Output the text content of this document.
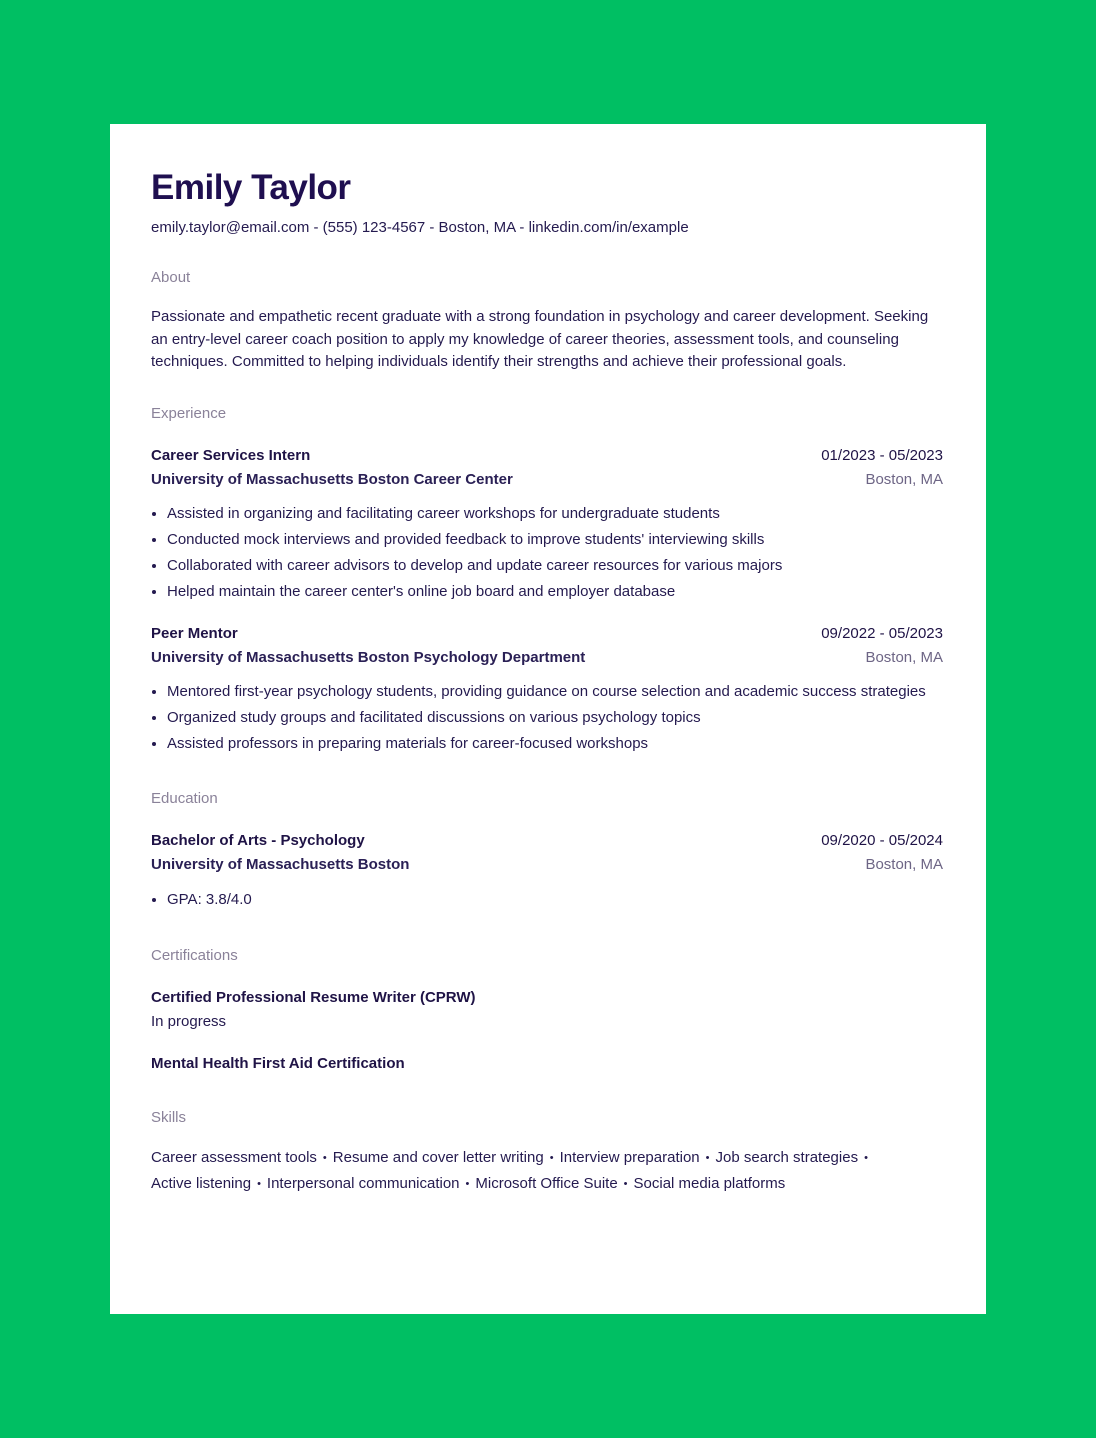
Emily Taylor
emily.taylor@email.com - (555) 123-4567 - Boston, MA - linkedin.com/in/example
About
Passionate and empathetic recent graduate with a strong foundation in psychology and career development. Seeking an entry-level career coach position to apply my knowledge of career theories, assessment tools, and counseling techniques. Committed to helping individuals identify their strengths and achieve their professional goals.
Experience
Career Services Intern	01/2023 - 05/2023
University of Massachusetts Boston Career Center	Boston, MA
• Assisted in organizing and facilitating career workshops for undergraduate students
• Conducted mock interviews and provided feedback to improve students' interviewing skills
• Collaborated with career advisors to develop and update career resources for various majors
• Helped maintain the career center's online job board and employer database
Peer Mentor	09/2022 - 05/2023
University of Massachusetts Boston Psychology Department	Boston, MA
• Mentored first-year psychology students, providing guidance on course selection and academic success strategies
• Organized study groups and facilitated discussions on various psychology topics
• Assisted professors in preparing materials for career-focused workshops
Education
Bachelor of Arts - Psychology	09/2020 - 05/2024
University of Massachusetts Boston	Boston, MA
• GPA: 3.8/4.0
Certifications
Certified Professional Resume Writer (CPRW)
In progress
Mental Health First Aid Certification
Skills
Career assessment tools • Resume and cover letter writing • Interview preparation • Job search strategies •
Active listening • Interpersonal communication • Microsoft Office Suite • Social media platforms
